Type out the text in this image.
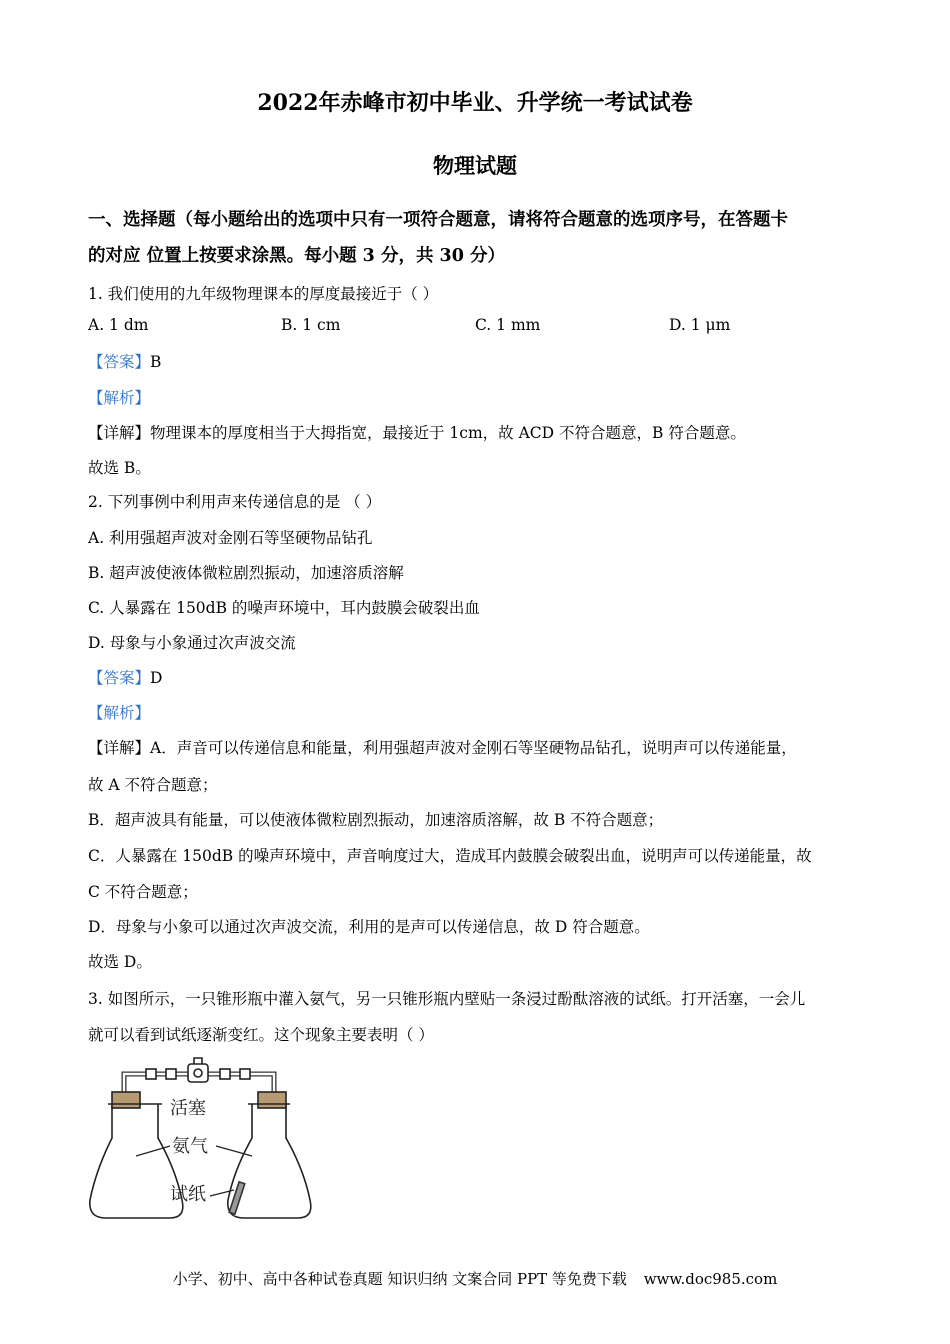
2022年赤峰市初中毕业、升学统一考试试卷
物理试题
一、选择题（每小题给出的选项中只有一项符合题意，请将符合题意的选项序号，在答题卡
的对应 位置上按要求涂黑。每小题 3 分，共 30 分）
1. 我们使用的九年级物理课本的厚度最接近于（ ）
A. 1 dm	B. 1 cm	C. 1 mm	D. 1 μm
【答案】B
【解析】
【详解】物理课本的厚度相当于大拇指宽，最接近于 1cm，故 ACD 不符合题意，B 符合题意。
故选 B。
2. 下列事例中利用声来传递信息的是 （ ）
A. 利用强超声波对金刚石等坚硬物品钻孔
B. 超声波使液体微粒剧烈振动，加速溶质溶解
C. 人暴露在 150dB 的噪声环境中，耳内鼓膜会破裂出血
D. 母象与小象通过次声波交流
【答案】D
【解析】
【详解】A．声音可以传递信息和能量，利用强超声波对金刚石等坚硬物品钻孔，说明声可以传递能量，
故 A 不符合题意；
B．超声波具有能量，可以使液体微粒剧烈振动，加速溶质溶解，故 B 不符合题意；
C．人暴露在 150dB 的噪声环境中，声音响度过大，造成耳内鼓膜会破裂出血，说明声可以传递能量，故
C 不符合题意；
D．母象与小象可以通过次声波交流，利用的是声可以传递信息，故 D 符合题意。
故选 D。
3. 如图所示，一只锥形瓶中灌入氨气，另一只锥形瓶内壁贴一条浸过酚酞溶液的试纸。打开活塞，一会儿
就可以看到试纸逐渐变红。这个现象主要表明（ ）
活塞
氨气
试纸
小学、初中、高中各种试卷真题 知识归纳 文案合同 PPT 等免费下载 www.doc985.com
